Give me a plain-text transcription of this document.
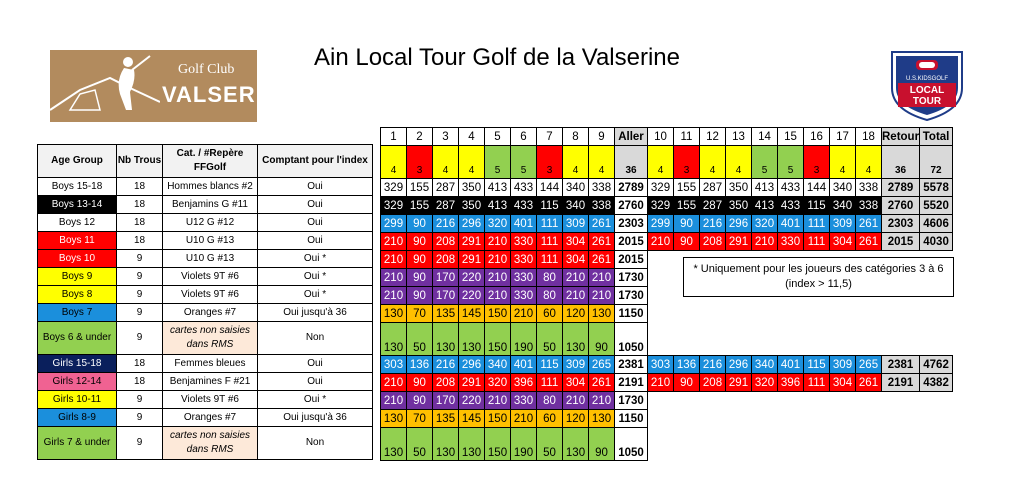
Golf Club
VALSERINE
Ain Local Tour Golf de la Valserine
U.S.KIDSGOLF
LOCAL
TOUR
Age Group	Nb Trous	Cat. / #Repère FFGolf	Comptant pour l'index
Boys 15-18	18	Hommes blancs #2	Oui
Boys 13-14	18	Benjamins G #11	Oui
Boys 12	18	U12 G #12	Oui
Boys 11	18	U10 G #13	Oui
Boys 10	9	U10 G #13	Oui *
Boys 9	9	Violets 9T #6	Oui *
Boys 8	9	Violets 9T #6	Oui *
Boys 7	9	Oranges #7	Oui jusqu'à 36
Boys 6 & under	9	cartes non saisies dans RMS	Non
Girls 15-18	18	Femmes bleues	Oui
Girls 12-14	18	Benjamines F #21	Oui
Girls 10-11	9	Violets 9T #6	Oui *
Girls 8-9	9	Oranges #7	Oui jusqu'à 36
Girls 7 & under	9	cartes non saisies dans RMS	Non
1	2	3	4	5	6	7	8	9	Aller	10	11	12	13	14	15	16	17	18	Retour	Total
4	3	4	4	5	5	3	4	4	36	4	3	4	4	5	5	3	4	4	36	72
329	155	287	350	413	433	144	340	338	2789	329	155	287	350	413	433	144	340	338	2789	5578
329	155	287	350	413	433	115	340	338	2760	329	155	287	350	413	433	115	340	338	2760	5520
299	90	216	296	320	401	111	309	261	2303	299	90	216	296	320	401	111	309	261	2303	4606
210	90	208	291	210	330	111	304	261	2015	210	90	208	291	210	330	111	304	261	2015	4030
210	90	208	291	210	330	111	304	261	2015											
210	90	170	220	210	330	80	210	210	1730											
210	90	170	220	210	330	80	210	210	1730											
130	70	135	145	150	210	60	120	130	1150											
130	50	130	130	150	190	50	130	90	1050											
303	136	216	296	340	401	115	309	265	2381	303	136	216	296	340	401	115	309	265	2381	4762
210	90	208	291	320	396	111	304	261	2191	210	90	208	291	320	396	111	304	261	2191	4382
210	90	170	220	210	330	80	210	210	1730											
130	70	135	145	150	210	60	120	130	1150											
130	50	130	130	150	190	50	130	90	1050											
* Uniquement pour les joueurs des catégories 3 à 6 (index > 11,5)
